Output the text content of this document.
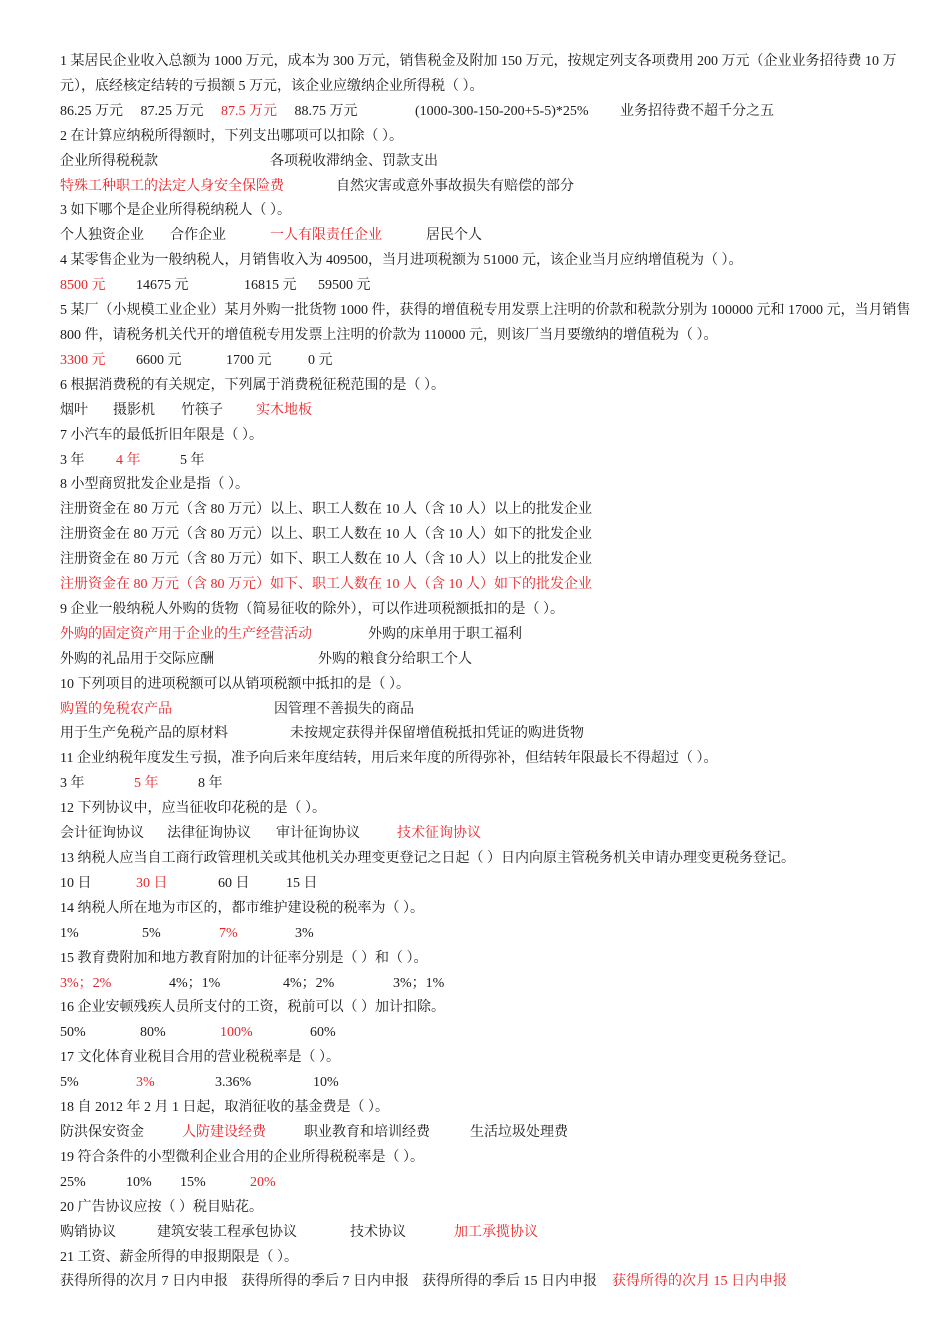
1 某居民企业收入总额为 1000 万元，成本为 300 万元，销售税金及附加 150 万元，按规定列支各项费用 200 万元（企业业务招待费 10 万元），底经核定结转的亏损额 5 万元，该企业应缴纳企业所得税（ ）。
86.25 万元 87.25 万元 87.5 万元 88.75 万元	(1000-300-150-200+5-5)*25% 业务招待费不超千分之五
2 在计算应纳税所得额时，下列支出哪项可以扣除（ ）。
企业所得税税款	各项税收滞纳金、罚款支出
特殊工种职工的法定人身安全保险费	自然灾害或意外事故损失有赔偿的部分
3 如下哪个是企业所得税纳税人（ ）。
个人独资企业 合作企业	一人有限责任企业	居民个人
4 某零售企业为一般纳税人，月销售收入为 409500，当月进项税额为 51000 元，该企业当月应纳增值税为（ ）。
8500 元 14675 元	16815 元 59500 元
5 某厂（小规模工业企业）某月外购一批货物 1000 件，获得的增值税专用发票上注明的价款和税款分别为 100000 元和 17000 元，当月销售 800 件，请税务机关代开的增值税专用发票上注明的价款为 110000 元，则该厂当月要缴纳的增值税为（ ）。
3300 元 6600 元	1700 元	0 元
6 根据消费税的有关规定，下列属于消费税征税范围的是（ ）。
烟叶 摄影机 竹筷子 实木地板
7 小汽车的最低折旧年限是（ ）。
3 年 4 年	5 年
8 小型商贸批发企业是指（ ）。
注册资金在 80 万元（含 80 万元）以上、职工人数在 10 人（含 10 人）以上的批发企业
注册资金在 80 万元（含 80 万元）以上、职工人数在 10 人（含 10 人）如下的批发企业
注册资金在 80 万元（含 80 万元）如下、职工人数在 10 人（含 10 人）以上的批发企业
注册资金在 80 万元（含 80 万元）如下、职工人数在 10 人（含 10 人）如下的批发企业
9 企业一般纳税人外购的货物（简易征收的除外），可以作进项税额抵扣的是（ ）。
外购的固定资产用于企业的生产经营活动	外购的床单用于职工福利
外购的礼品用于交际应酬	外购的粮食分给职工个人
10 下列项目的进项税额可以从销项税额中抵扣的是（ ）。
购置的免税农产品	因管理不善损失的商品
用于生产免税产品的原材料	未按规定获得并保留增值税抵扣凭证的购进货物
11 企业纳税年度发生亏损，准予向后来年度结转，用后来年度的所得弥补，但结转年限最长不得超过（ ）。
3 年	5 年	8 年
12 下列协议中，应当征收印花税的是（ ）。
会计征询协议 法律征询协议 审计征询协议	技术征询协议
13 纳税人应当自工商行政管理机关或其他机关办理变更登记之日起（ ）日内向原主管税务机关申请办理变更税务登记。
10 日	30 日	60 日	15 日
14 纳税人所在地为市区的，都市维护建设税的税率为（ ）。
1%	5%	7%	3%
15 教育费附加和地方教育附加的计征率分别是（ ）和（ ）。
3%；2%	4%；1%	4%；2%	3%；1%
16 企业安顿残疾人员所支付的工资，税前可以（ ）加计扣除。
50%	80%	100%	60%
17 文化体育业税目合用的营业税税率是（ ）。
5%	3%	3.36%	10%
18 自 2012 年 2 月 1 日起，取消征收的基金费是（ ）。
防洪保安资金	人防建设经费	职业教育和培训经费	生活垃圾处理费
19 符合条件的小型微利企业合用的企业所得税税率是（ ）。
25%	10% 15%	20%
20 广告协议应按（ ）税目贴花。
购销协议	建筑安装工程承包协议	技术协议	加工承揽协议
21 工资、薪金所得的申报期限是（ ）。
获得所得的次月 7 日内申报 获得所得的季后 7 日内申报 获得所得的季后 15 日内申报 获得所得的次月 15 日内申报
